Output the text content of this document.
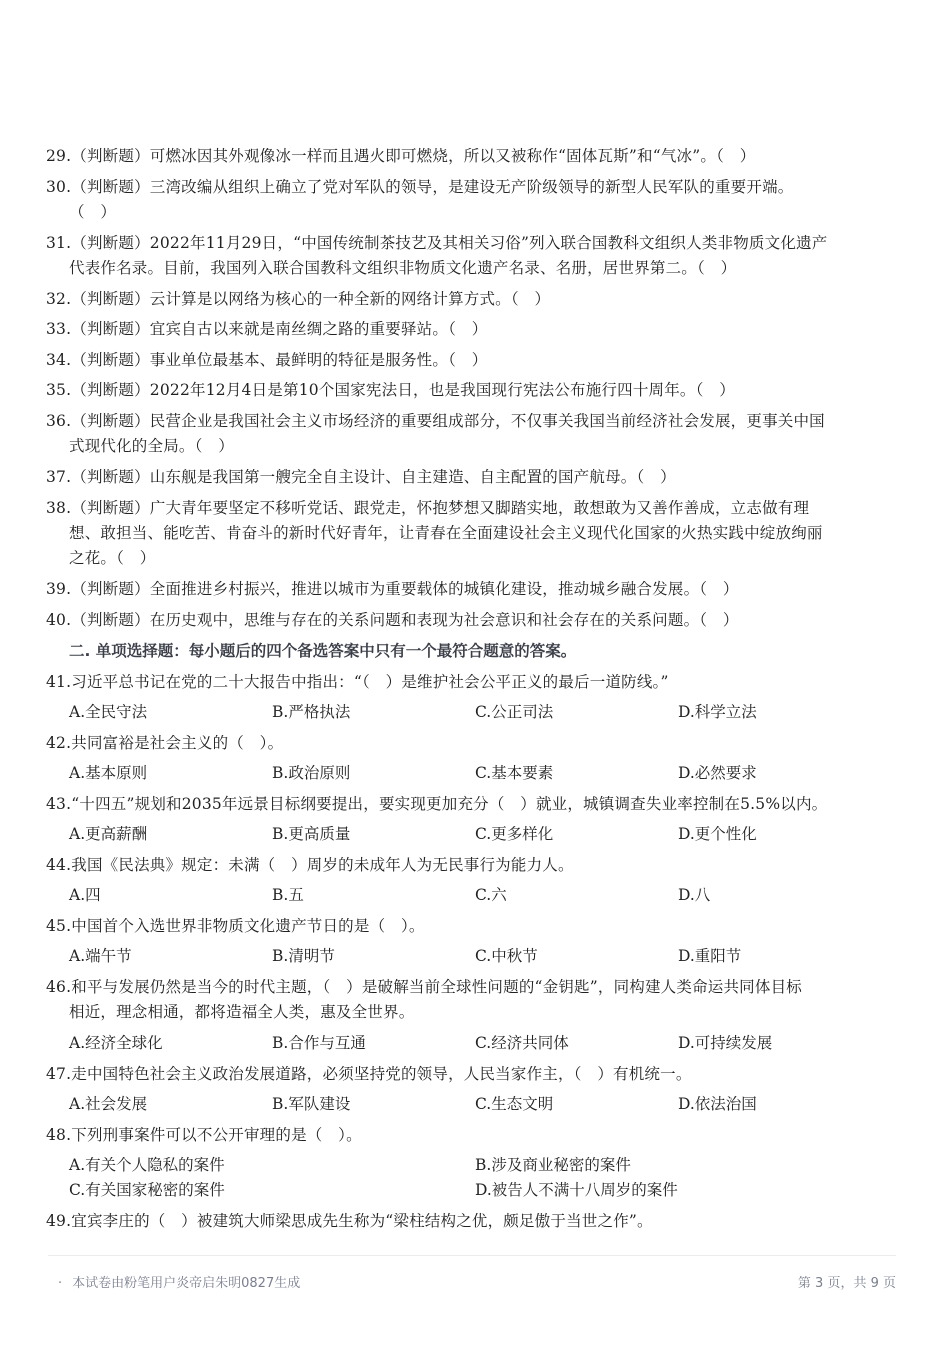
29.（判断题）可燃冰因其外观像冰一样而且遇火即可燃烧，所以又被称作“固体瓦斯”和“气冰”。（　）
30.（判断题）三湾改编从组织上确立了党对军队的领导，是建设无产阶级领导的新型人民军队的重要开端。
（　）
31.（判断题）2022年11月29日，“中国传统制茶技艺及其相关习俗”列入联合国教科文组织人类非物质文化遗产
代表作名录。目前，我国列入联合国教科文组织非物质文化遗产名录、名册，居世界第二。（　）
32.（判断题）云计算是以网络为核心的一种全新的网络计算方式。（　）
33.（判断题）宜宾自古以来就是南丝绸之路的重要驿站。（　）
34.（判断题）事业单位最基本、最鲜明的特征是服务性。（　）
35.（判断题）2022年12月4日是第10个国家宪法日，也是我国现行宪法公布施行四十周年。（　）
36.（判断题）民营企业是我国社会主义市场经济的重要组成部分，不仅事关我国当前经济社会发展，更事关中国
式现代化的全局。（　）
37.（判断题）山东舰是我国第一艘完全自主设计、自主建造、自主配置的国产航母。（　）
38.（判断题）广大青年要坚定不移听党话、跟党走，怀抱梦想又脚踏实地，敢想敢为又善作善成，立志做有理
想、敢担当、能吃苦、肯奋斗的新时代好青年，让青春在全面建设社会主义现代化国家的火热实践中绽放绚丽
之花。（　）
39.（判断题）全面推进乡村振兴，推进以城市为重要载体的城镇化建设，推动城乡融合发展。（　）
40.（判断题）在历史观中，思维与存在的关系问题和表现为社会意识和社会存在的关系问题。（　）
二. 单项选择题：每小题后的四个备选答案中只有一个最符合题意的答案。
41.习近平总书记在党的二十大报告中指出：“（　）是维护社会公平正义的最后一道防线。”
A.全民守法	B.严格执法	C.公正司法	D.科学立法
42.共同富裕是社会主义的（　）。
A.基本原则	B.政治原则	C.基本要素	D.必然要求
43.“十四五”规划和2035年远景目标纲要提出，要实现更加充分（　）就业，城镇调查失业率控制在5.5%以内。
A.更高薪酬	B.更高质量	C.更多样化	D.更个性化
44.我国《民法典》规定：未满（　）周岁的未成年人为无民事行为能力人。
A.四	B.五	C.六	D.八
45.中国首个入选世界非物质文化遗产节日的是（　）。
A.端午节	B.清明节	C.中秋节	D.重阳节
46.和平与发展仍然是当今的时代主题，（　）是破解当前全球性问题的“金钥匙”，同构建人类命运共同体目标
相近，理念相通，都将造福全人类，惠及全世界。
A.经济全球化	B.合作与互通	C.经济共同体	D.可持续发展
47.走中国特色社会主义政治发展道路，必须坚持党的领导，人民当家作主，（　）有机统一。
A.社会发展	B.军队建设	C.生态文明	D.依法治国
48.下列刑事案件可以不公开审理的是（　）。
A.有关个人隐私的案件	B.涉及商业秘密的案件
C.有关国家秘密的案件	D.被告人不满十八周岁的案件
49.宜宾李庄的（　）被建筑大师梁思成先生称为“梁柱结构之优，颇足傲于当世之作”。
· 本试卷由粉笔用户炎帝启朱明0827生成	第 3 页，共 9 页
